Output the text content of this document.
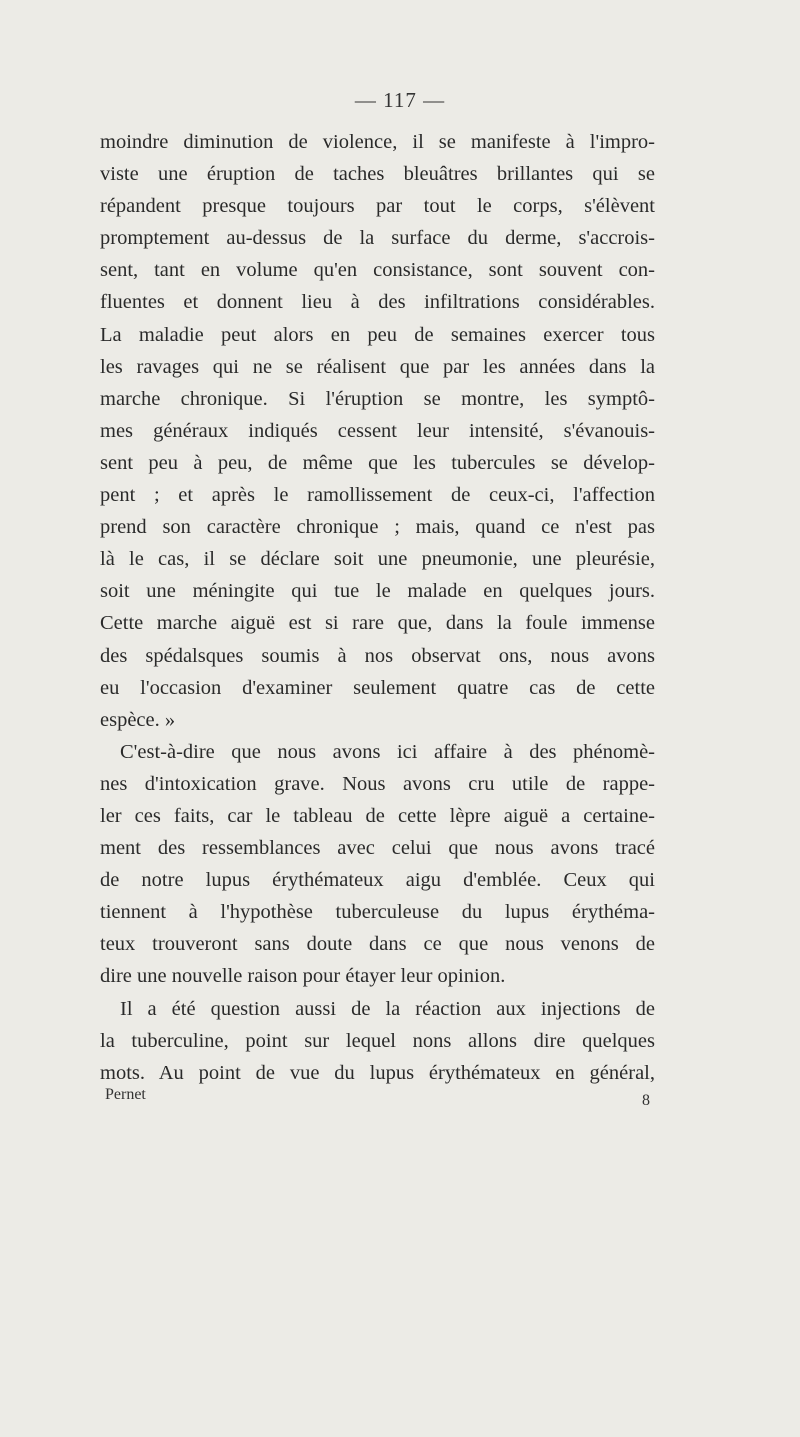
— 117 —
moindre diminution de violence, il se manifeste à l'impro-
viste une éruption de taches bleuâtres brillantes qui se
répandent presque toujours par tout le corps, s'élèvent
promptement au-dessus de la surface du derme, s'accrois-
sent, tant en volume qu'en consistance, sont souvent con-
fluentes et donnent lieu à des infiltrations considérables.
La maladie peut alors en peu de semaines exercer tous
les ravages qui ne se réalisent que par les années dans la
marche chronique. Si l'éruption se montre, les symptô-
mes généraux indiqués cessent leur intensité, s'évanouis-
sent peu à peu, de même que les tubercules se dévelop-
pent ; et après le ramollissement de ceux-ci, l'affection
prend son caractère chronique ; mais, quand ce n'est pas
là le cas, il se déclare soit une pneumonie, une pleurésie,
soit une méningite qui tue le malade en quelques jours.
Cette marche aiguë est si rare que, dans la foule immense
des spédalsques soumis à nos observat ons, nous avons
eu l'occasion d'examiner seulement quatre cas de cette
espèce. »
C'est-à-dire que nous avons ici affaire à des phénomè-
nes d'intoxication grave. Nous avons cru utile de rappe-
ler ces faits, car le tableau de cette lèpre aiguë a certaine-
ment des ressemblances avec celui que nous avons tracé
de notre lupus érythémateux aigu d'emblée. Ceux qui
tiennent à l'hypothèse tuberculeuse du lupus érythéma-
teux trouveront sans doute dans ce que nous venons de
dire une nouvelle raison pour étayer leur opinion.
Il a été question aussi de la réaction aux injections de
la tuberculine, point sur lequel nons allons dire quelques
mots. Au point de vue du lupus érythémateux en général,
Pernet	8
